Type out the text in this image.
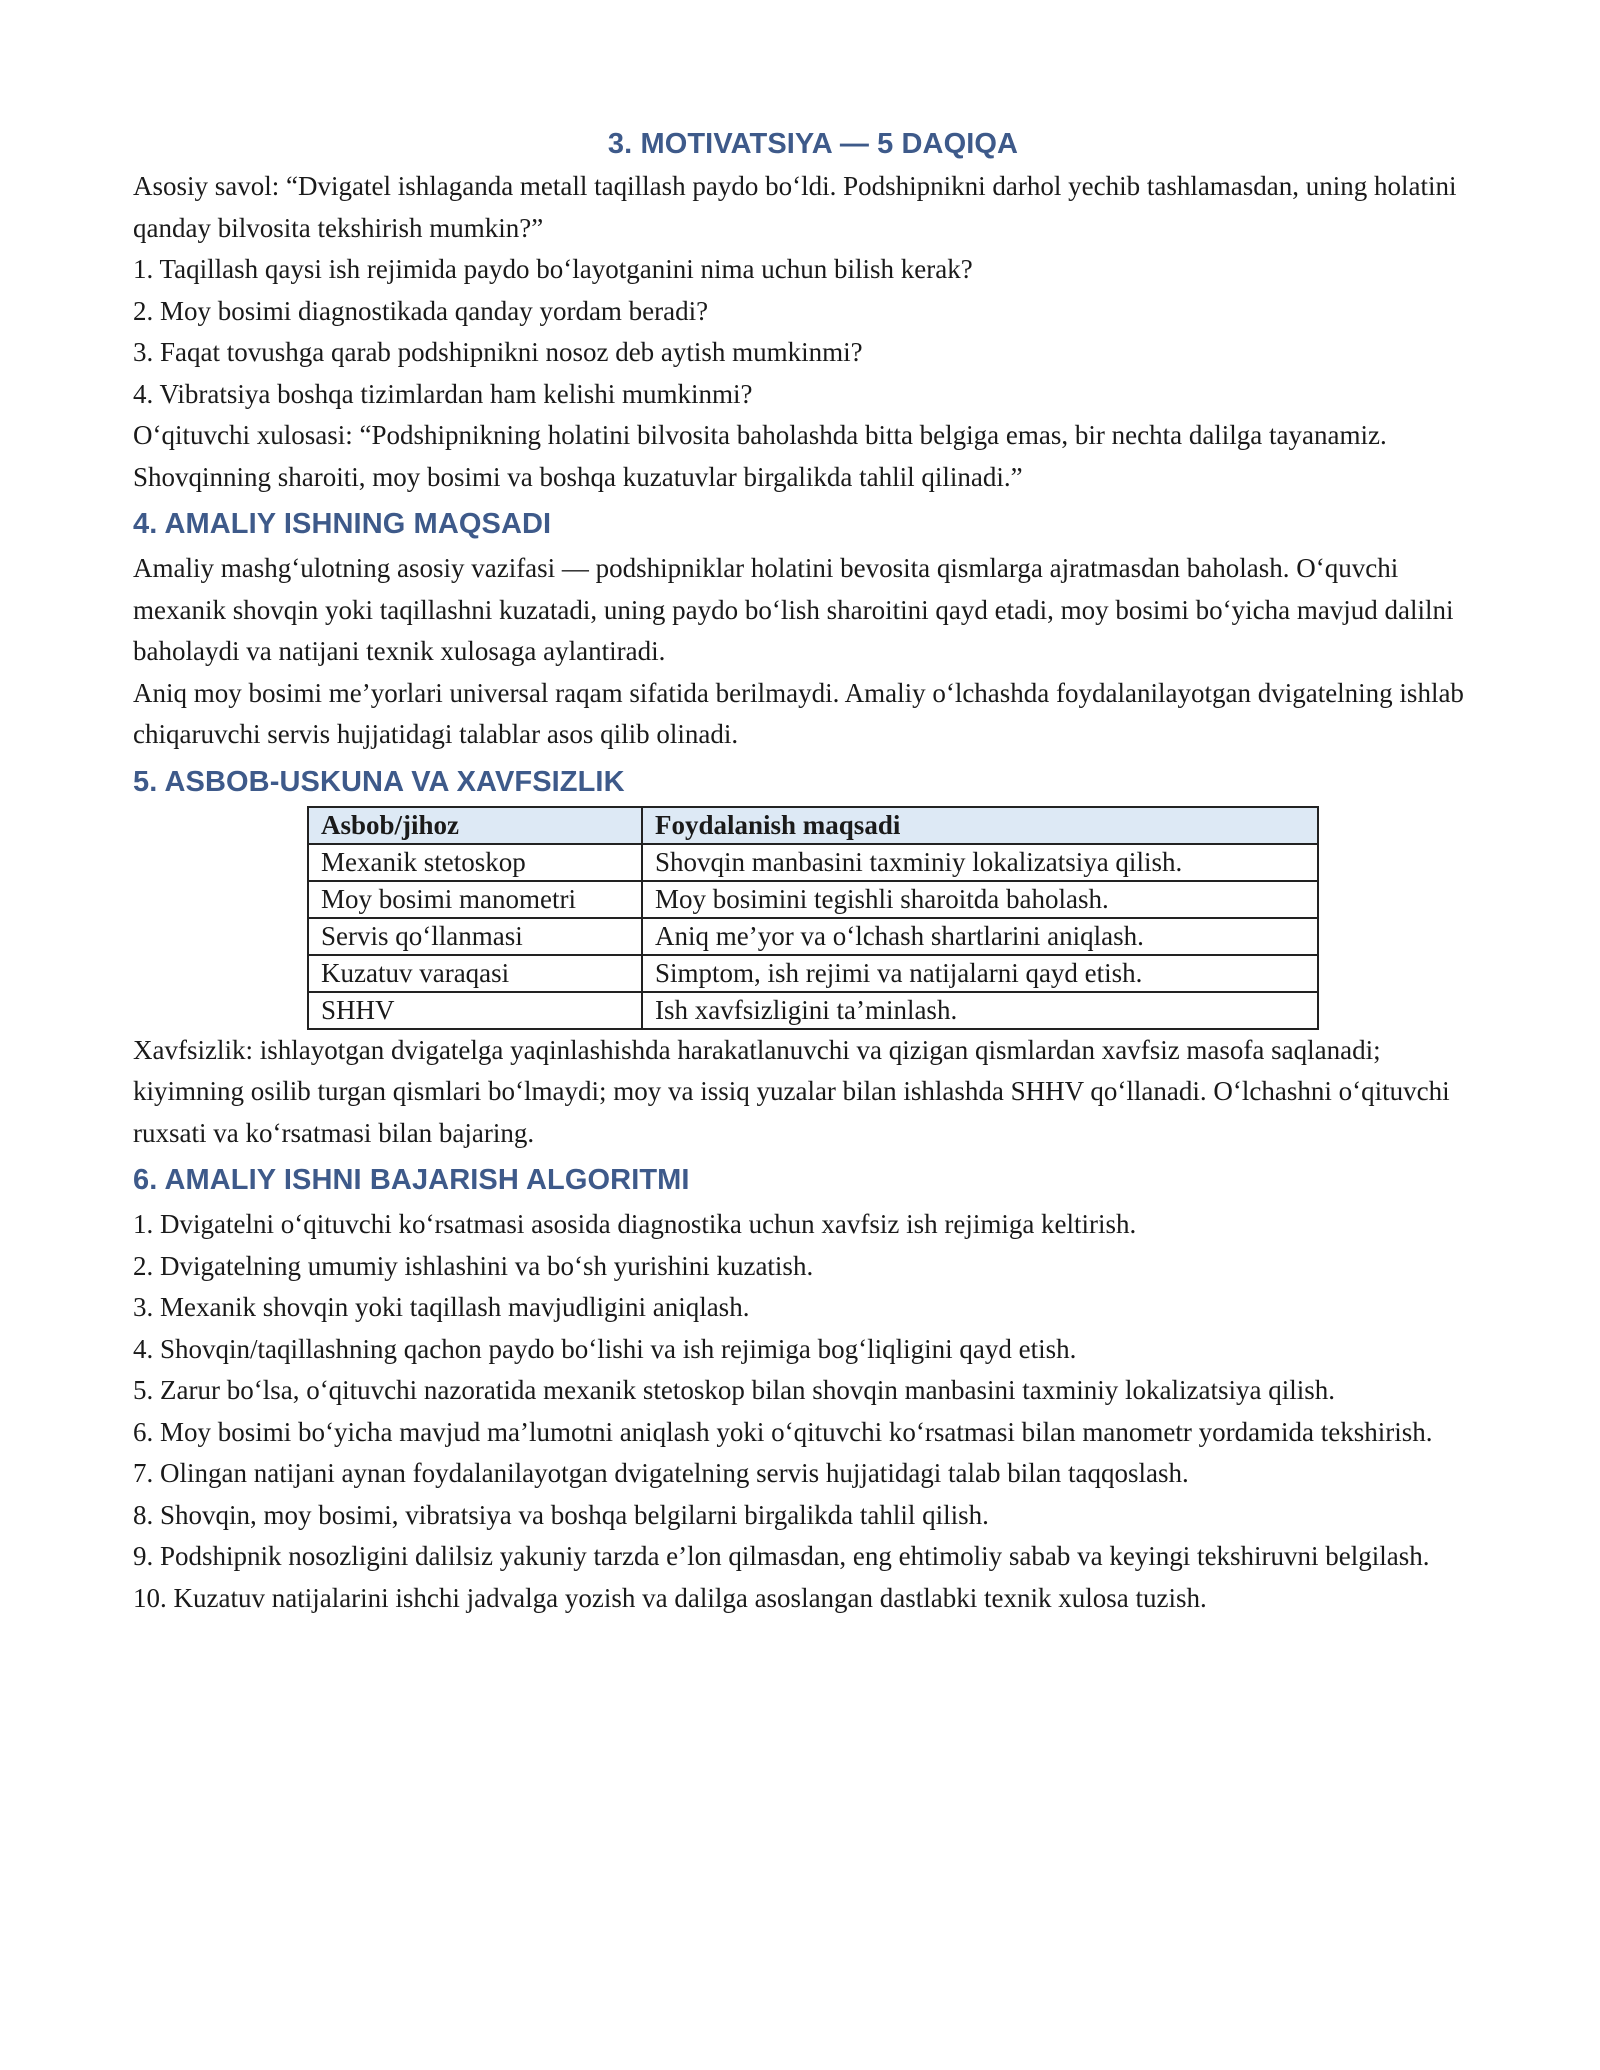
3. MOTIVATSIYA — 5 DAQIQA

Asosiy savol: “Dvigatel ishlaganda metall taqillash paydo bo‘ldi. Podshipnikni darhol yechib tashlamasdan, uning holatini qanday bilvosita tekshirish mumkin?”

1. Taqillash qaysi ish rejimida paydo bo‘layotganini nima uchun bilish kerak?

2. Moy bosimi diagnostikada qanday yordam beradi?

3. Faqat tovushga qarab podshipnikni nosoz deb aytish mumkinmi?

4. Vibratsiya boshqa tizimlardan ham kelishi mumkinmi?

O‘qituvchi xulosasi: “Podshipnikning holatini bilvosita baholashda bitta belgiga emas, bir nechta dalilga tayanamiz. Shovqinning sharoiti, moy bosimi va boshqa kuzatuvlar birgalikda tahlil qilinadi.”

4. AMALIY ISHNING MAQSADI

Amaliy mashg‘ulotning asosiy vazifasi — podshipniklar holatini bevosita qismlarga ajratmasdan baholash. O‘quvchi mexanik shovqin yoki taqillashni kuzatadi, uning paydo bo‘lish sharoitini qayd etadi, moy bosimi bo‘yicha mavjud dalilni baholaydi va natijani texnik xulosaga aylantiradi.

Aniq moy bosimi me’yorlari universal raqam sifatida berilmaydi. Amaliy o‘lchashda foydalanilayotgan dvigatelning ishlab chiqaruvchi servis hujjatidagi talablar asos qilib olinadi.

5. ASBOB-USKUNA VA XAVFSIZLIK
Asbob/jihoz	Foydalanish maqsadi
Mexanik stetoskop	Shovqin manbasini taxminiy lokalizatsiya qilish.
Moy bosimi manometri	Moy bosimini tegishli sharoitda baholash.
Servis qo‘llanmasi	Aniq me’yor va o‘lchash shartlarini aniqlash.
Kuzatuv varaqasi	Simptom, ish rejimi va natijalarni qayd etish.
SHHV	Ish xavfsizligini ta’minlash.

Xavfsizlik: ishlayotgan dvigatelga yaqinlashishda harakatlanuvchi va qizigan qismlardan xavfsiz masofa saqlanadi; kiyimning osilib turgan qismlari bo‘lmaydi; moy va issiq yuzalar bilan ishlashda SHHV qo‘llanadi. O‘lchashni o‘qituvchi ruxsati va ko‘rsatmasi bilan bajaring.

6. AMALIY ISHNI BAJARISH ALGORITMI

1. Dvigatelni o‘qituvchi ko‘rsatmasi asosida diagnostika uchun xavfsiz ish rejimiga keltirish.

2. Dvigatelning umumiy ishlashini va bo‘sh yurishini kuzatish.

3. Mexanik shovqin yoki taqillash mavjudligini aniqlash.

4. Shovqin/taqillashning qachon paydo bo‘lishi va ish rejimiga bog‘liqligini qayd etish.

5. Zarur bo‘lsa, o‘qituvchi nazoratida mexanik stetoskop bilan shovqin manbasini taxminiy lokalizatsiya qilish.

6. Moy bosimi bo‘yicha mavjud ma’lumotni aniqlash yoki o‘qituvchi ko‘rsatmasi bilan manometr yordamida tekshirish.

7. Olingan natijani aynan foydalanilayotgan dvigatelning servis hujjatidagi talab bilan taqqoslash.

8. Shovqin, moy bosimi, vibratsiya va boshqa belgilarni birgalikda tahlil qilish.

9. Podshipnik nosozligini dalilsiz yakuniy tarzda e’lon qilmasdan, eng ehtimoliy sabab va keyingi tekshiruvni belgilash.

10. Kuzatuv natijalarini ishchi jadvalga yozish va dalilga asoslangan dastlabki texnik xulosa tuzish.
